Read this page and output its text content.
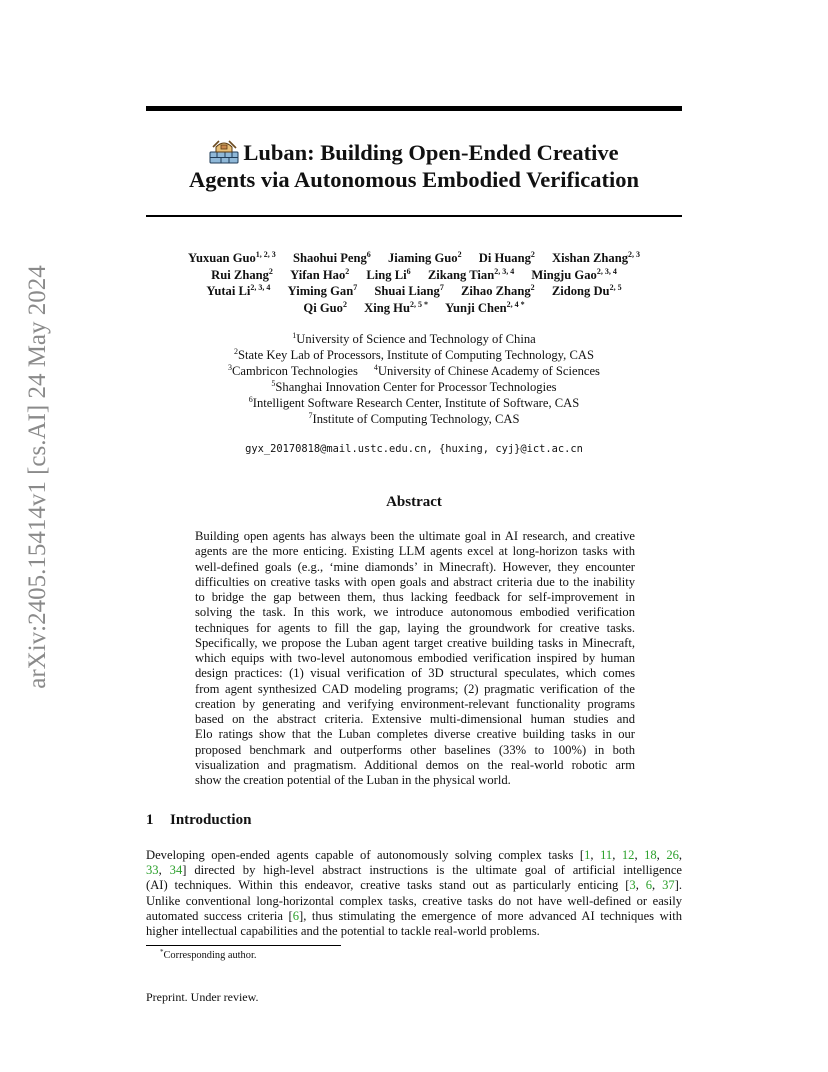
arXiv:2405.15414v1 [cs.AI] 24 May 2024
Luban: Building Open-Ended Creative
Agents via Autonomous Embodied Verification
Yuxuan Guo$^{1, 2, 3}$ Shaohui Peng$^6$ Jiaming Guo$^2$ Di Huang$^2$ Xishan Zhang$^{2, 3}$
Rui Zhang$^2$ Yifan Hao$^2$ Ling Li$^6$ Zikang Tian$^{2, 3, 4}$ Mingju Gao$^{2, 3, 4}$
Yutai Li$^{2, 3, 4}$ Yiming Gan$^7$ Shuai Liang$^7$ Zihao Zhang$^2$ Zidong Du$^{2, 5}$
Qi Guo$^2$ Xing $Hu^{2, 5 *}$ Yunji Chen$^{2, 4 *}$
$^1$University of Science and Technology of China
$^2$State Key Lab of Processors, Institute of Computing Technology, CAS
$^3$Cambricon Technologies $^4$University of Chinese Academy of Sciences
$^5$Shanghai Innovation Center for Processor Technologies
$^6$Intelligent Software Research Center, Institute of Software, CAS
$^7$Institute of Computing Technology, CAS
gyx_20170818@mail.ustc.edu.cn, {huxing, cyj}@ict.ac.cn
Abstract
Building open agents has always been the ultimate goal in AI research, and creative
agents are the more enticing. Existing LLM agents excel at long-horizon tasks with
well-defined goals (e.g., ‘mine diamonds’ in Minecraft). However, they encounter
difficulties on creative tasks with open goals and abstract criteria due to the inability
to bridge the gap between them, thus lacking feedback for self-improvement in
solving the task. In this work, we introduce autonomous embodied verification
techniques for agents to fill the gap, laying the groundwork for creative tasks.
Specifically, we propose the Luban agent target creative building tasks in Minecraft,
which equips with two-level autonomous embodied verification inspired by human
design practices: (1) visual verification of 3D structural speculates, which comes
from agent synthesized CAD modeling programs; (2) pragmatic verification of the
creation by generating and verifying environment-relevant functionality programs
based on the abstract criteria. Extensive multi-dimensional human studies and
Elo ratings show that the Luban completes diverse creative building tasks in our
proposed benchmark and outperforms other baselines (33% to 100%) in both
visualization and pragmatism. Additional demos on the real-world robotic arm
show the creation potential of the Luban in the physical world.
1 Introduction
Developing open-ended agents capable of autonomously solving complex tasks [1, 11, 12, 18, 26,
33, 34] directed by high-level abstract instructions is the ultimate goal of artificial intelligence
(AI) techniques. Within this endeavor, creative tasks stand out as particularly enticing [3, 6, 37].
Unlike conventional long-horizontal complex tasks, creative tasks do not have well-defined or easily
automated success criteria [6], thus stimulating the emergence of more advanced AI techniques with
higher intellectual capabilities and the potential to tackle real-world problems.
*Corresponding author.
Preprint. Under review.
